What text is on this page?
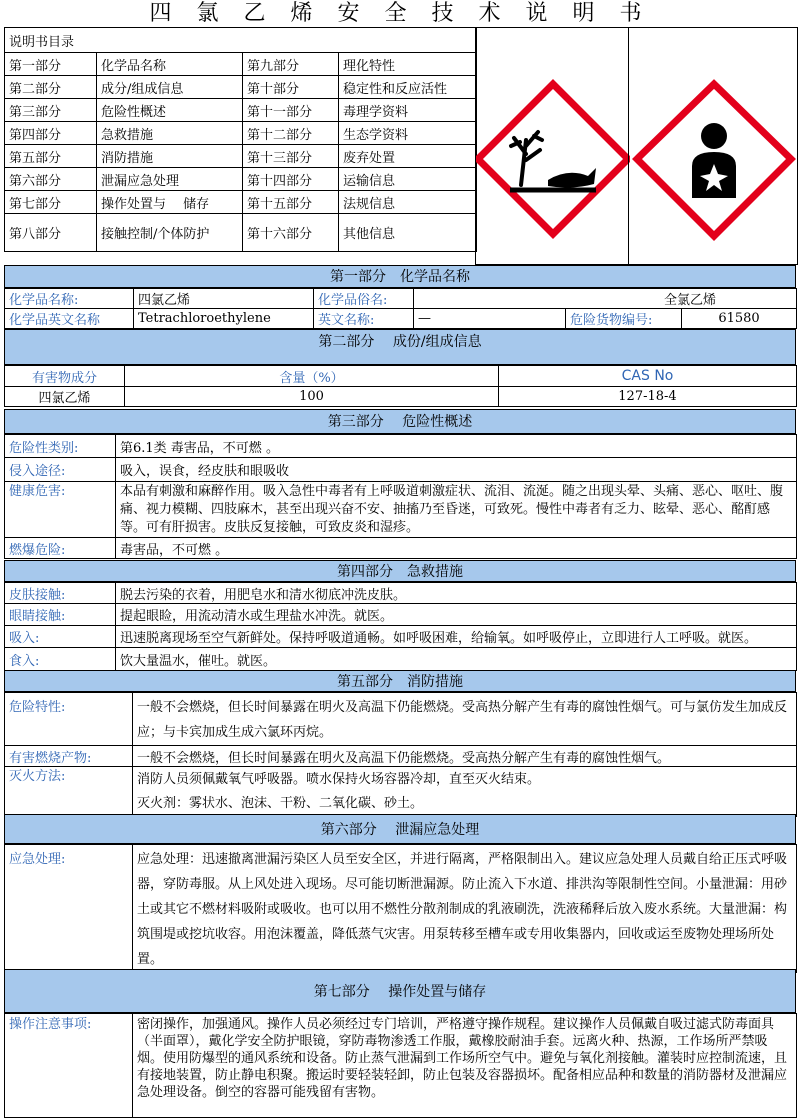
四 氯 乙 烯 安 全 技 术 说 明 书
说明书目录			
第一部分	化学品名称	第九部分	理化特性
第二部分	成分/组成信息	第十部分	稳定性和反应活性
第三部分	危险性概述	第十一部分	毒理学资料
第四部分	急救措施	第十二部分	生态学资料
第五部分	消防措施	第十三部分	废弃处置
第六部分	泄漏应急处理	第十四部分	运输信息
第七部分	操作处置与　 储存	第十五部分	法规信息
第八部分	接触控制/个体防护	第十六部分	其他信息
第一部分　化学品名称
化学品名称:	四氯乙烯	化学品俗名:	全氯乙烯		
化学品英文名称	Tetrachloroethylene	英文名称:	—	危险货物编号:	61580
第二部分　 成份/组成信息
有害物成分	含量（%）	CAS No
四氯乙烯	100	127-18-4
第三部分　 危险性概述
危险性类别:	第6.1类 毒害品，不可燃 。
侵入途径:	吸入，误食，经皮肤和眼吸收
健康危害:	本品有刺激和麻醉作用。吸入急性中毒者有上呼吸道刺激症状、流泪、流涎。随之出现头晕、头痛、恶心、呕吐、腹痛、视力模糊、四肢麻木，甚至出现兴奋不安、抽搐乃至昏迷，可致死。慢性中毒者有乏力、眩晕、恶心、酩酊感等。可有肝损害。皮肤反复接触，可致皮炎和湿疹。
燃爆危险:	毒害品，不可燃 。
第四部分　急救措施
皮肤接触:	脱去污染的衣着，用肥皂水和清水彻底冲洗皮肤。
眼睛接触:	提起眼睑，用流动清水或生理盐水冲洗。就医。
吸入:	迅速脱离现场至空气新鲜处。保持呼吸道通畅。如呼吸困难，给输氧。如呼吸停止，立即进行人工呼吸。就医。
食入:	饮大量温水，催吐。就医。
第五部分　消防措施
危险特性:	一般不会燃烧，但长时间暴露在明火及高温下仍能燃烧。受高热分解产生有毒的腐蚀性烟气。可与氯仿发生加成反应；与卡宾加成生成六氯环丙烷。
有害燃烧产物:	一般不会燃烧，但长时间暴露在明火及高温下仍能燃烧。受高热分解产生有毒的腐蚀性烟气。
灭火方法:	消防人员须佩戴氧气呼吸器。喷水保持火场容器冷却，直至灭火结束。
灭火剂：雾状水、泡沫、干粉、二氧化碳、砂土。
第六部分　 泄漏应急处理
应急处理:	应急处理：迅速撤离泄漏污染区人员至安全区，并进行隔离，严格限制出入。建议应急处理人员戴自给正压式呼吸器，穿防毒服。从上风处进入现场。尽可能切断泄漏源。防止流入下水道、排洪沟等限制性空间。小量泄漏：用砂土或其它不燃材料吸附或吸收。也可以用不燃性分散剂制成的乳液刷洗，洗液稀释后放入废水系统。大量泄漏：构筑围堤或挖坑收容。用泡沫覆盖，降低蒸气灾害。用泵转移至槽车或专用收集器内，回收或运至废物处理场所处置。
第七部分　 操作处置与储存
操作注意事项:	密闭操作，加强通风。操作人员必须经过专门培训，严格遵守操作规程。建议操作人员佩戴自吸过滤式防毒面具（半面罩），戴化学安全防护眼镜，穿防毒物渗透工作服，戴橡胶耐油手套。远离火种、热源，工作场所严禁吸烟。使用防爆型的通风系统和设备。防止蒸气泄漏到工作场所空气中。避免与氧化剂接触。灌装时应控制流速，且有接地装置，防止静电积聚。搬运时要轻装轻卸，防止包装及容器损坏。配备相应品种和数量的消防器材及泄漏应急处理设备。倒空的容器可能残留有害物。
